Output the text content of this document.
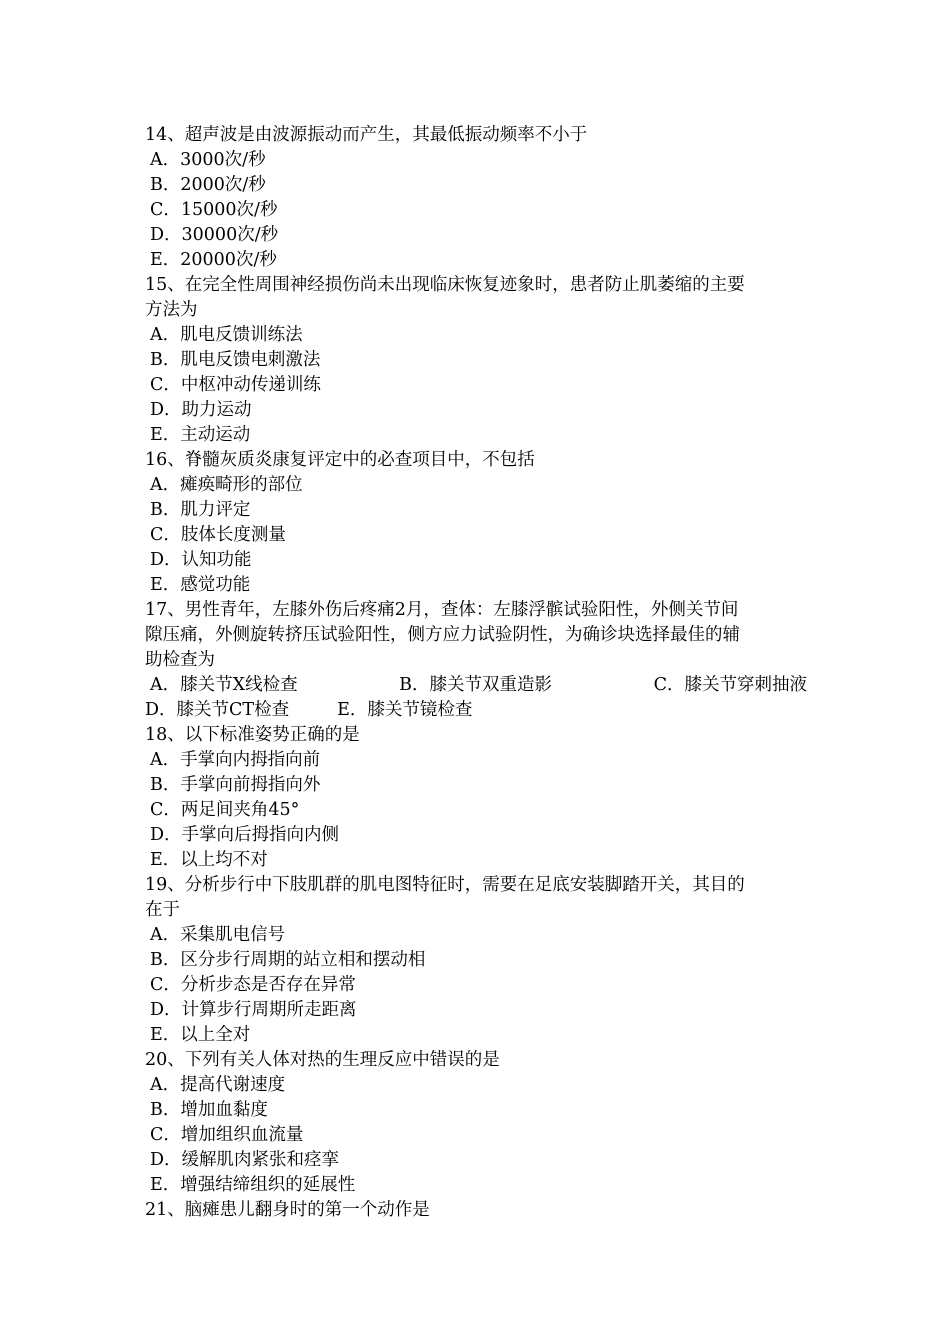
14、超声波是由波源振动而产生，其最低振动频率不小于
A．3000次/秒
B．2000次/秒
C．15000次/秒
D．30000次/秒
E．20000次/秒
15、在完全性周围神经损伤尚未出现临床恢复迹象时，患者防止肌萎缩的主要
方法为
A．肌电反馈训练法
B．肌电反馈电刺激法
C．中枢冲动传递训练
D．助力运动
E．主动运动
16、脊髓灰质炎康复评定中的必查项目中，不包括
A．瘫痪畸形的部位
B．肌力评定
C．肢体长度测量
D．认知功能
E．感觉功能
17、男性青年，左膝外伤后疼痛2月，查体：左膝浮髌试验阳性，外侧关节间
隙压痛，外侧旋转挤压试验阳性，侧方应力试验阴性，为确诊块选择最佳的辅
助检查为
A．膝关节X线检查	B．膝关节双重造影	C．膝关节穿刺抽液
D．膝关节CT检查	E．膝关节镜检查
18、以下标准姿势正确的是
A．手掌向内拇指向前
B．手掌向前拇指向外
C．两足间夹角45°
D．手掌向后拇指向内侧
E．以上均不对
19、分析步行中下肢肌群的肌电图特征时，需要在足底安装脚踏开关，其目的
在于
A．采集肌电信号
B．区分步行周期的站立相和摆动相
C．分析步态是否存在异常
D．计算步行周期所走距离
E．以上全对
20、下列有关人体对热的生理反应中错误的是
A．提高代谢速度
B．增加血黏度
C．增加组织血流量
D．缓解肌肉紧张和痉挛
E．增强结缔组织的延展性
21、脑瘫患儿翻身时的第一个动作是
